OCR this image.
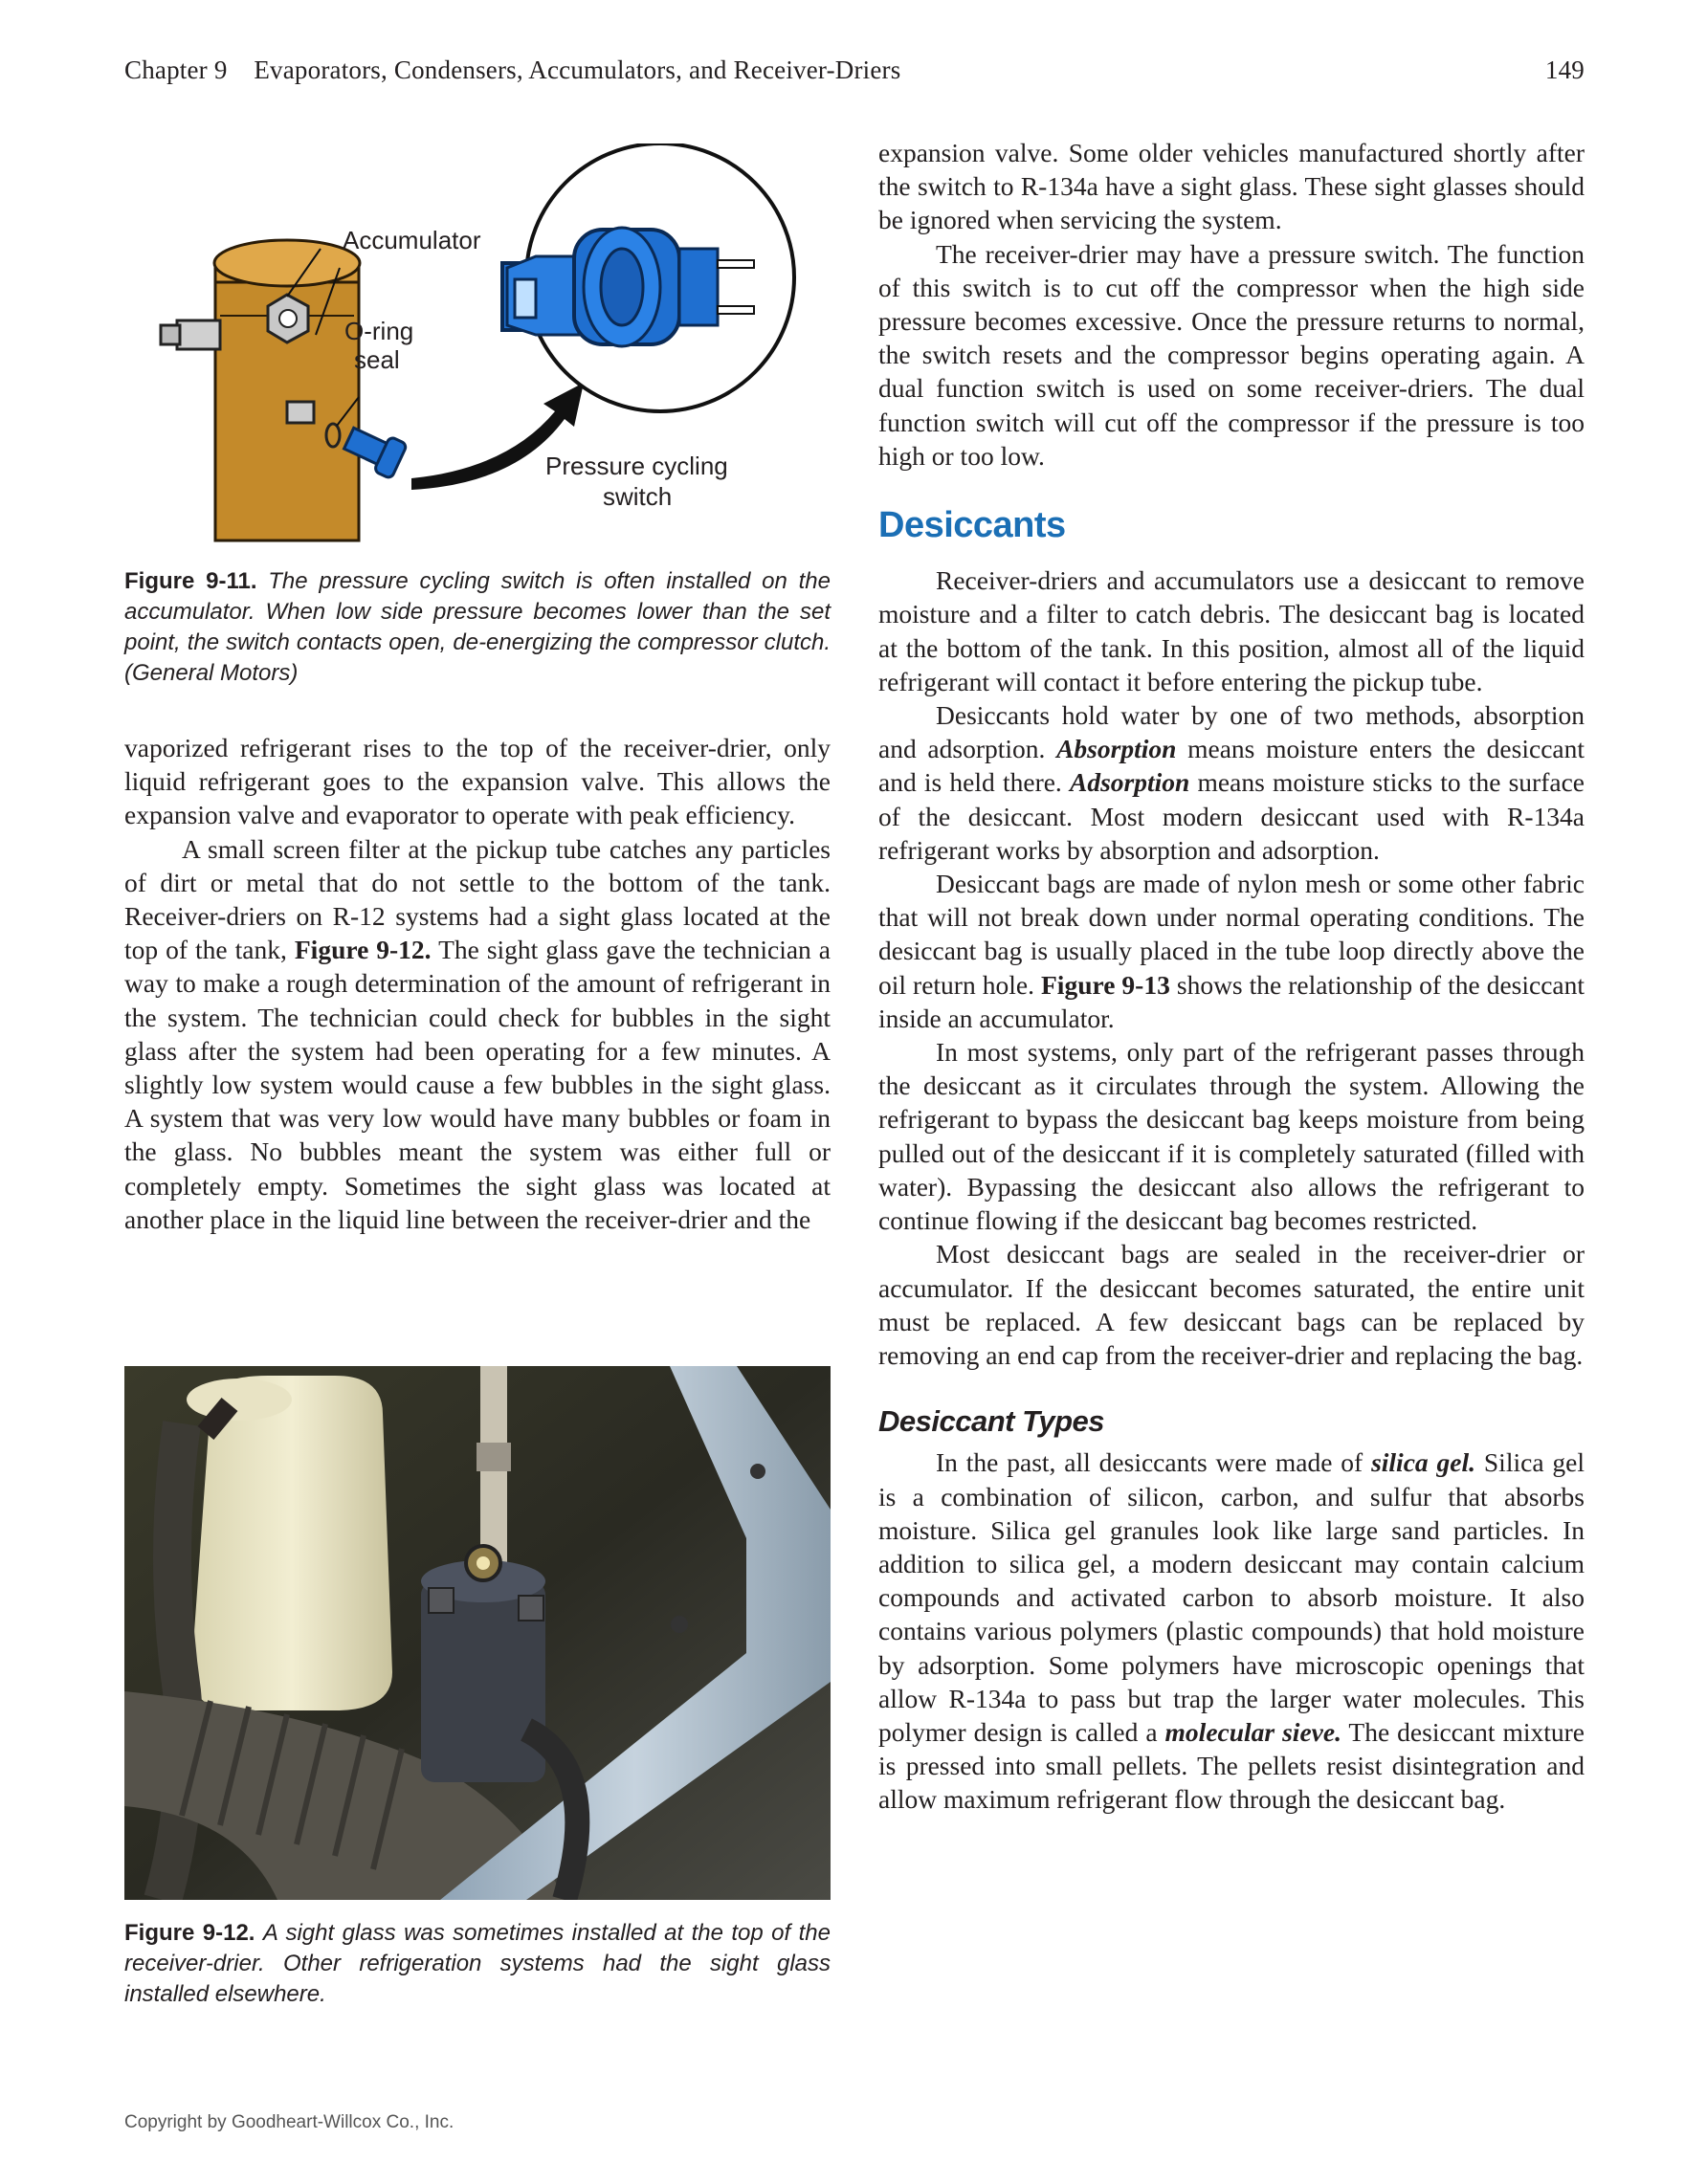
Chapter 9 Evaporators, Condensers, Accumulators, and Receiver-Driers	149
Accumulator
O-ring
seal
Pressure cycling
switch
Figure 9-11. The pressure cycling switch is often installed on the accumulator. When low side pressure becomes lower than the set point, the switch contacts open, de-energizing the compressor clutch. (General Motors)

vaporized refrigerant rises to the top of the receiver-drier, only liquid refrigerant goes to the expansion valve. This allows the expansion valve and evaporator to operate with peak efficiency.

A small screen filter at the pickup tube catches any particles of dirt or metal that do not settle to the bottom of the tank. Receiver-driers on R-12 systems had a sight glass located at the top of the tank, Figure 9-12. The sight glass gave the technician a way to make a rough determination of the amount of refrigerant in the system. The technician could check for bubbles in the sight glass after the system had been operating for a few minutes. A slightly low system would cause a few bubbles in the sight glass. A system that was very low would have many bubbles or foam in the glass. No bubbles meant the system was either full or completely empty. Sometimes the sight glass was located at another place in the liquid line between the receiver-drier and the

Figure 9-12. A sight glass was sometimes installed at the top of the receiver-drier. Other refrigeration systems had the sight glass installed elsewhere.

expansion valve. Some older vehicles manufactured shortly after the switch to R-134a have a sight glass. These sight glasses should be ignored when servicing the system.

The receiver-drier may have a pressure switch. The function of this switch is to cut off the compressor when the high side pressure becomes excessive. Once the pressure returns to normal, the switch resets and the compressor begins operating again. A dual function switch is used on some receiver-driers. The dual function switch will cut off the compressor if the pressure is too high or too low.

Desiccants

Receiver-driers and accumulators use a desiccant to remove moisture and a filter to catch debris. The desiccant bag is located at the bottom of the tank. In this position, almost all of the liquid refrigerant will contact it before entering the pickup tube.

Desiccants hold water by one of two methods, absorption and adsorption. Absorption means moisture enters the desiccant and is held there. Adsorption means moisture sticks to the surface of the desiccant. Most modern desiccant used with R-134a refrigerant works by absorption and adsorption.

Desiccant bags are made of nylon mesh or some other fabric that will not break down under normal operating conditions. The desiccant bag is usually placed in the tube loop directly above the oil return hole. Figure 9-13 shows the relationship of the desiccant inside an accumulator.

In most systems, only part of the refrigerant passes through the desiccant as it circulates through the system. Allowing the refrigerant to bypass the desiccant bag keeps moisture from being pulled out of the desiccant if it is completely saturated (filled with water). Bypassing the desiccant also allows the refrigerant to continue flowing if the desiccant bag becomes restricted.

Most desiccant bags are sealed in the receiver-drier or accumulator. If the desiccant becomes saturated, the entire unit must be replaced. A few desiccant bags can be replaced by removing an end cap from the receiver-drier and replacing the bag.

Desiccant Types

In the past, all desiccants were made of silica gel. Silica gel is a combination of silicon, carbon, and sulfur that absorbs moisture. Silica gel granules look like large sand particles. In addition to silica gel, a modern desiccant may contain calcium compounds and activated carbon to absorb moisture. It also contains various polymers (plastic compounds) that hold moisture by adsorption. Some polymers have microscopic openings that allow R-134a to pass but trap the larger water molecules. This polymer design is called a molecular sieve. The desiccant mixture is pressed into small pellets. The pellets resist disintegration and allow maximum refrigerant flow through the desiccant bag.

Copyright by Goodheart-Willcox Co., Inc.
